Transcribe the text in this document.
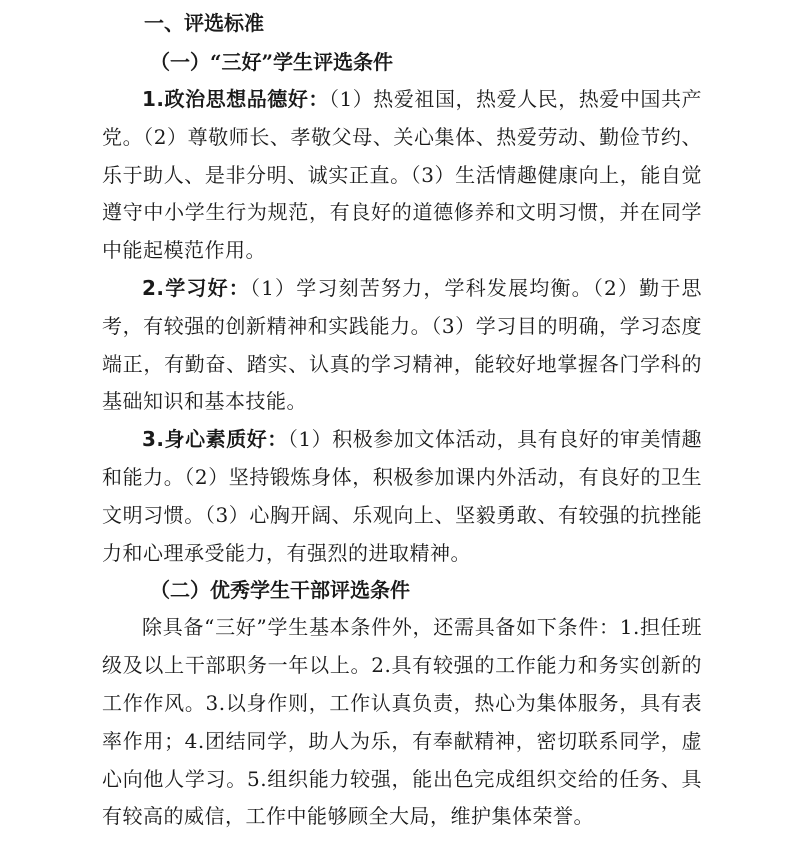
一、评选标准
（一）“三好”学生评选条件

1.政治思想品德好：（1）热爱祖国，热爱人民，热爱中国共产党。（2）尊敬师长、孝敬父母、关心集体、热爱劳动、勤俭节约、乐于助人、是非分明、诚实正直。（3）生活情趣健康向上，能自觉遵守中小学生行为规范，有良好的道德修养和文明习惯，并在同学中能起模范作用。

2.学习好：（1）学习刻苦努力，学科发展均衡。（2）勤于思考，有较强的创新精神和实践能力。（3）学习目的明确，学习态度端正，有勤奋、踏实、认真的学习精神，能较好地掌握各门学科的基础知识和基本技能。

3.身心素质好：（1）积极参加文体活动，具有良好的审美情趣和能力。（2）坚持锻炼身体，积极参加课内外活动，有良好的卫生文明习惯。（3）心胸开阔、乐观向上、坚毅勇敢、有较强的抗挫能力和心理承受能力，有强烈的进取精神。

（二）优秀学生干部评选条件

除具备“三好”学生基本条件外，还需具备如下条件：1.担任班级及以上干部职务一年以上。2.具有较强的工作能力和务实创新的工作作风。3.以身作则，工作认真负责，热心为集体服务，具有表率作用；4.团结同学，助人为乐，有奉献精神，密切联系同学，虚心向他人学习。5.组织能力较强，能出色完成组织交给的任务、具有较高的威信，工作中能够顾全大局，维护集体荣誉。
